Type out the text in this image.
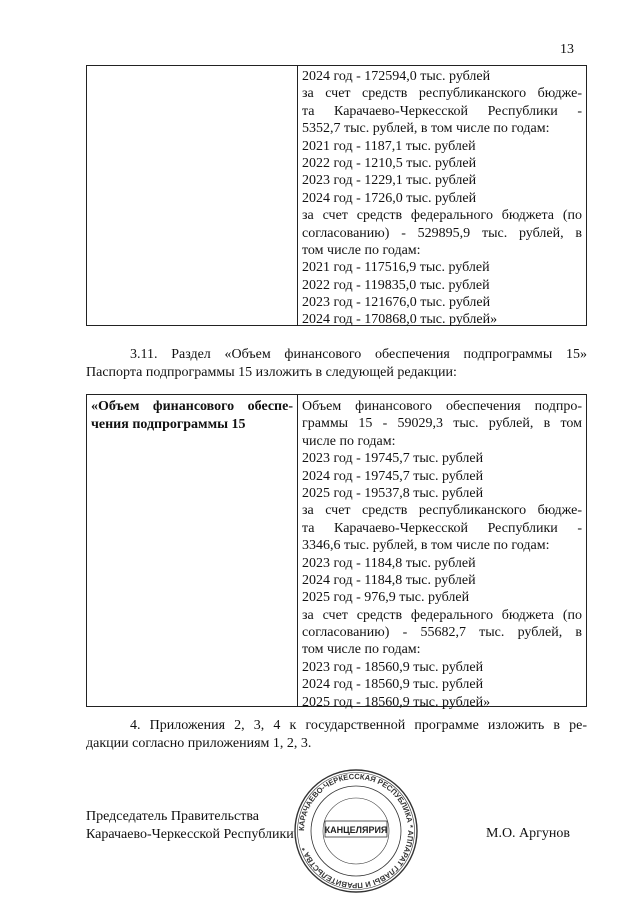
13
2024 год - 172594,0 тыс. рублей
за счет средств республиканского бюдже-
та Карачаево-Черкесской Республики -
5352,7 тыс. рублей, в том числе по годам:
2021 год - 1187,1 тыс. рублей
2022 год - 1210,5 тыс. рублей
2023 год - 1229,1 тыс. рублей
2024 год - 1726,0 тыс. рублей
за счет средств федерального бюджета (по
согласованию) - 529895,9 тыс. рублей, в
том числе по годам:
2021 год - 117516,9 тыс. рублей
2022 год - 119835,0 тыс. рублей
2023 год - 121676,0 тыс. рублей
2024 год - 170868,0 тыс. рублей»
3.11. Раздел «Объем финансового обеспечения подпрограммы 15»
Паспорта подпрограммы 15 изложить в следующей редакции:
«Объем финансового обеспе-
чения подпрограммы 15
Объем финансового обеспечения подпро-
граммы 15 - 59029,3 тыс. рублей, в том
числе по годам:
2023 год - 19745,7 тыс. рублей
2024 год - 19745,7 тыс. рублей
2025 год - 19537,8 тыс. рублей
за счет средств республиканского бюдже-
та Карачаево-Черкесской Республики -
3346,6 тыс. рублей, в том числе по годам:
2023 год - 1184,8 тыс. рублей
2024 год - 1184,8 тыс. рублей
2025 год - 976,9 тыс. рублей
за счет средств федерального бюджета (по
согласованию) - 55682,7 тыс. рублей, в
том числе по годам:
2023 год - 18560,9 тыс. рублей
2024 год - 18560,9 тыс. рублей
2025 год - 18560,9 тыс. рублей»
4. Приложения 2, 3, 4 к государственной программе изложить в ре-
дакции согласно приложениям 1, 2, 3.
Председатель Правительства
Карачаево-Черкесской Республики	М.О. Аргунов
КАРАЧАЕВО-ЧЕРКЕССКАЯ РЕСПУБЛИКА * АППАРАТ ГЛАВЫ И ПРАВИТЕЛЬСТВА *
КАНЦЕЛЯРИЯ
